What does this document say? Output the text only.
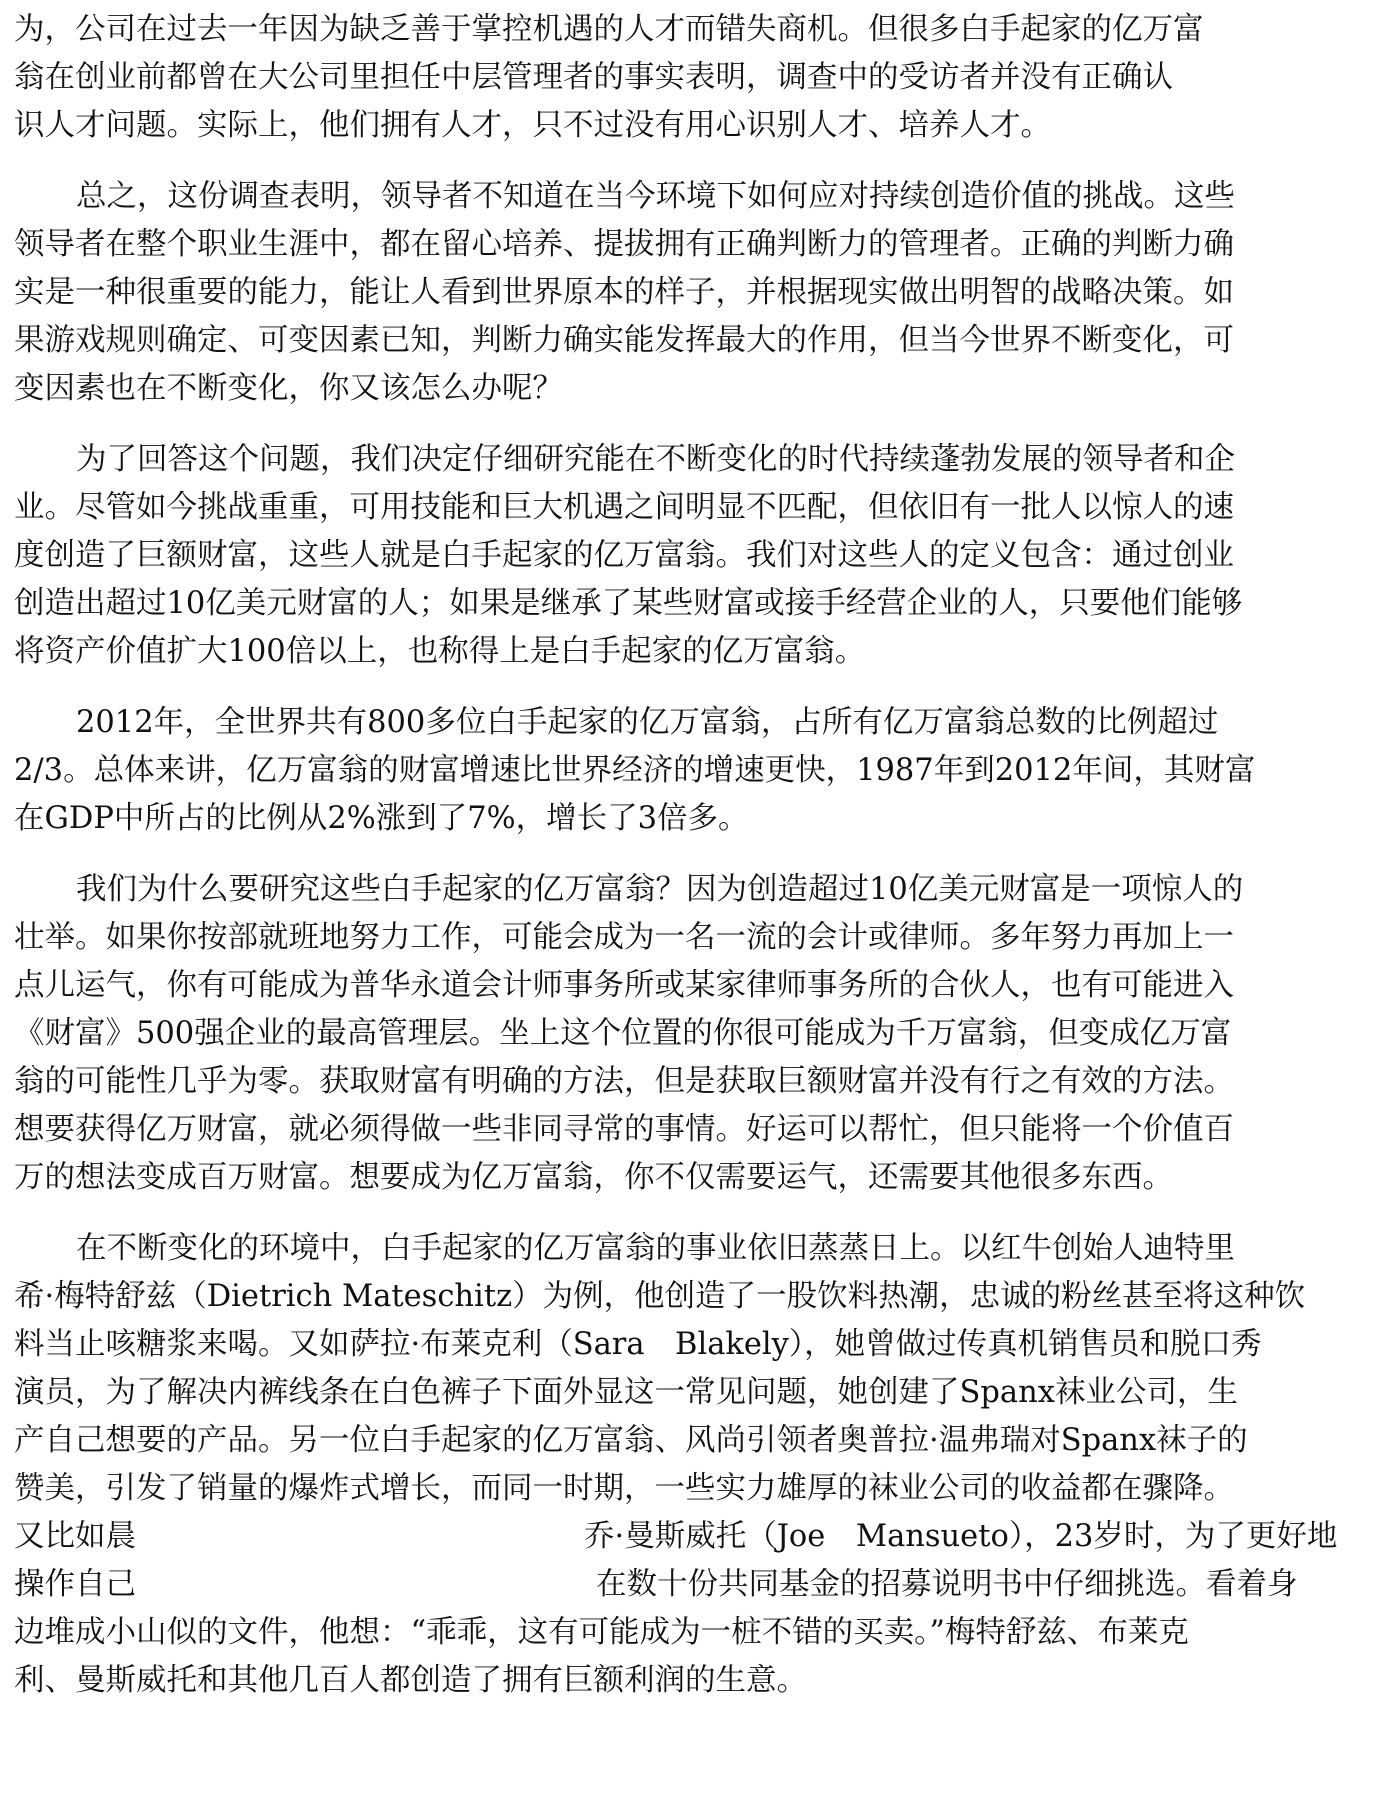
为，公司在过去一年因为缺乏善于掌控机遇的人才而错失商机。但很多白手起家的亿万富
翁在创业前都曾在大公司里担任中层管理者的事实表明，调查中的受访者并没有正确认
识人才问题。实际上，他们拥有人才，只不过没有用心识别人才、培养人才。
总之，这份调查表明，领导者不知道在当今环境下如何应对持续创造价值的挑战。这些
领导者在整个职业生涯中，都在留心培养、提拔拥有正确判断力的管理者。正确的判断力确
实是一种很重要的能力，能让人看到世界原本的样子，并根据现实做出明智的战略决策。如
果游戏规则确定、可变因素已知，判断力确实能发挥最大的作用，但当今世界不断变化，可
变因素也在不断变化，你又该怎么办呢？
为了回答这个问题，我们决定仔细研究能在不断变化的时代持续蓬勃发展的领导者和企
业。尽管如今挑战重重，可用技能和巨大机遇之间明显不匹配，但依旧有一批人以惊人的速
度创造了巨额财富，这些人就是白手起家的亿万富翁。我们对这些人的定义包含：通过创业
创造出超过10亿美元财富的人；如果是继承了某些财富或接手经营企业的人，只要他们能够
将资产价值扩大100倍以上，也称得上是白手起家的亿万富翁。
2012年，全世界共有800多位白手起家的亿万富翁，占所有亿万富翁总数的比例超过
2/3。总体来讲，亿万富翁的财富增速比世界经济的增速更快，1987年到2012年间，其财富
在GDP中所占的比例从2%涨到了7%，增长了3倍多。
我们为什么要研究这些白手起家的亿万富翁？因为创造超过10亿美元财富是一项惊人的
壮举。如果你按部就班地努力工作，可能会成为一名一流的会计或律师。多年努力再加上一
点儿运气，你有可能成为普华永道会计师事务所或某家律师事务所的合伙人，也有可能进入
《财富》500强企业的最高管理层。坐上这个位置的你很可能成为千万富翁，但变成亿万富
翁的可能性几乎为零。获取财富有明确的方法，但是获取巨额财富并没有行之有效的方法。
想要获得亿万财富，就必须得做一些非同寻常的事情。好运可以帮忙，但只能将一个价值百
万的想法变成百万财富。想要成为亿万富翁，你不仅需要运气，还需要其他很多东西。
在不断变化的环境中，白手起家的亿万富翁的事业依旧蒸蒸日上。以红牛创始人迪特里
希·梅特舒兹（Dietrich Mateschitz）为例，他创造了一股饮料热潮，忠诚的粉丝甚至将这种饮
料当止咳糖浆来喝。又如萨拉·布莱克利（Sara　Blakely），她曾做过传真机销售员和脱口秀
演员，为了解决内裤线条在白色裤子下面外显这一常见问题，她创建了Spanx袜业公司，生
产自己想要的产品。另一位白手起家的亿万富翁、风尚引领者奥普拉·温弗瑞对Spanx袜子的
赞美，引发了销量的爆炸式增长，而同一时期，一些实力雄厚的袜业公司的收益都在骤降。
又比如晨	乔·曼斯威托（Joe　Mansueto），23岁时，为了更好地
操作自己	在数十份共同基金的招募说明书中仔细挑选。看着身
边堆成小山似的文件，他想：“乖乖，这有可能成为一桩不错的买卖。”梅特舒兹、布莱克
利、曼斯威托和其他几百人都创造了拥有巨额利润的生意。
